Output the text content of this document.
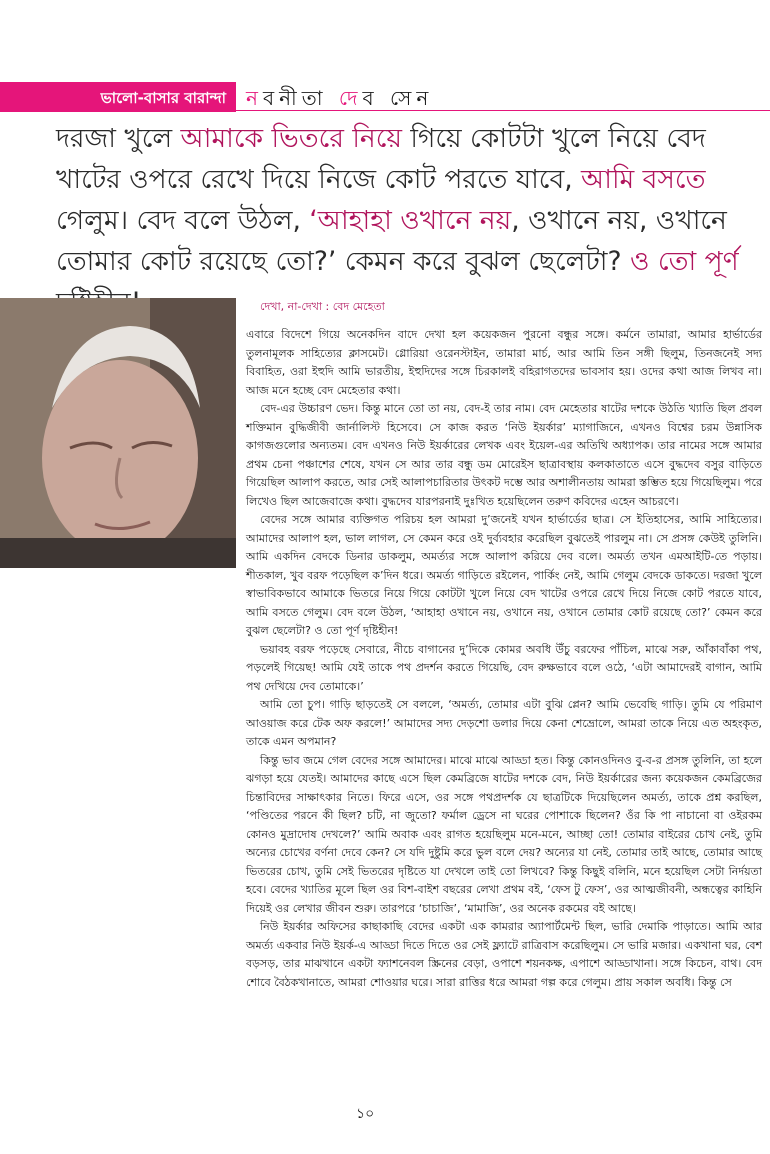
ভালো-বাসার বারান্দা নবনীতা দেব সেন
দরজা খুলে আমাকে ভিতরে নিয়ে গিয়ে কোটটা খুলে নিয়ে বেদ খাটের ওপরে রেখে দিয়ে নিজে কোট পরতে যাবে, আমি বসতে গেলুম। বেদ বলে উঠল, ‘আহাহা ওখানে নয়, ওখানে নয়, ওখানে তোমার কোট রয়েছে তো?’ কেমন করে বুঝল ছেলেটা? ও তো পূর্ণ
দেখা, না-দেখা : বেদ মেহেতা

এবারে বিদেশে গিয়ে অনেকদিন বাদে দেখা হল কয়েকজন পুরনো বন্ধুর সঙ্গে। কর্মনে তামারা, আমার হার্ভার্ডের তুলনামূলক সাহিত্যের ক্লাসমেট। গ্লোরিয়া ওরেনস্টাইন, তামারা মার্চ, আর আমি তিন সঙ্গী ছিলুম, তিনজনেই সদ্য বিবাহিত, ওরা ইহুদি আমি ভারতীয়, ইহুদিদের সঙ্গে চিরকালই বহিরাগতদের ভাবসাব হয়। ওদের কথা আজ লিখব না। আজ মনে হচ্ছে বেদ মেহেতার কথা।

বেদ-এর উচ্চারণ ভেদ। কিন্তু মানে তো তা নয়, বেদ-ই তার নাম। বেদ মেহেতার ষাটের দশকে উঠতি খ্যাতি ছিল প্রবল শক্তিমান বুদ্ধিজীবী জার্নালিস্ট হিসেবে। সে কাজ করত ‘নিউ ইয়র্কার’ ম্যাগাজিনে, এখনও বিশ্বের চরম উন্নাসিক কাগজগুলোর অন্যতম। বেদ এখনও নিউ ইয়র্কারের লেখক এবং ইয়েল-এর অতিথি অধ্যাপক। তার নামের সঙ্গে আমার প্রথম চেনা পঞ্চাশের শেষে, যখন সে আর তার বন্ধু ডম মোরেইস ছাত্রাবস্থায় কলকাতাতে এসে বুদ্ধদেব বসুর বাড়িতে গিয়েছিল আলাপ করতে, আর সেই আলাপচারিতার উৎকট দম্ভে আর অশালীনতায় আমরা স্তম্ভিত হয়ে গিয়েছিলুম। পরে লিখেও ছিল আজেবাজে কথা। বুদ্ধদেব যারপরনাই দুঃখিত হয়েছিলেন তরুণ কবিদের এহেন আচরণে।

বেদের সঙ্গে আমার ব্যক্তিগত পরিচয় হল আমরা দু’জনেই যখন হার্ভার্ডের ছাত্র। সে ইতিহাসের, আমি সাহিত্যের। আমাদের আলাপ হল, ভাল লাগল, সে কেমন করে ওই দুর্ব্যবহার করেছিল বুঝতেই পারলুম না। সে প্রসঙ্গ কেউই তুলিনি। আমি একদিন বেদকে ডিনার ডাকলুম, অমর্ত্যর সঙ্গে আলাপ করিয়ে দেব বলে। অমর্ত্য তখন এমআইটি-তে পড়ায়। শীতকাল, খুব বরফ পড়েছিল ক’দিন ধরে। অমর্ত্য গাড়িতে রইলেন, পার্কিং নেই, আমি গেলুম বেদকে ডাকতে। দরজা খুলে স্বাভাবিকভাবে আমাকে ভিতরে নিয়ে গিয়ে কোটটা খুলে নিয়ে বেদ খাটের ওপরে রেখে দিয়ে নিজে কোট পরতে যাবে, আমি বসতে গেলুম। বেদ বলে উঠল, ‘আহাহা ওখানে নয়, ওখানে নয়, ওখানে তোমার কোট রয়েছে তো?’ কেমন করে বুঝল ছেলেটা? ও তো পূর্ণ দৃষ্টিহীন!

ভয়াবহ বরফ পড়েছে সেবারে, নীচে বাগানের দু’দিকে কোমর অবধি উঁচু বরফের পাঁচিল, মাঝে সরু, আঁকাবাঁকা পথ, পড়লেই গিয়েছ! আমি যেই তাকে পথ প্রদর্শন করতে গিয়েছি, বেদ রুক্ষভাবে বলে ওঠে, ‘এটা আমাদেরই বাগান, আমি পথ দেখিয়ে দেব তোমাকে।’

আমি তো চুপ। গাড়ি ছাড়তেই সে বললে, ‘অমর্ত্য, তোমার এটা বুঝি প্লেন? আমি ভেবেছি গাড়ি। তুমি যে পরিমাণ আওয়াজ করে টেক অফ করলে!’ আমাদের সদ্য দেড়শো ডলার দিয়ে কেনা শেভ্রোলে, আমরা তাকে নিয়ে এত অহংকৃত, তাকে এমন অপমান?

কিন্তু ভাব জমে গেল বেদের সঙ্গে আমাদের। মাঝে মাঝে আড্ডা হত। কিন্তু কোনওদিনও বু-ব-র প্রসঙ্গ তুলিনি, তা হলে ঝগড়া হয়ে যেতই। আমাদের কাছে এসে ছিল কেমব্রিজে ষাটের দশকে বেদ, নিউ ইয়র্কারের জন্য কয়েকজন কেমব্রিজের চিন্তাবিদের সাক্ষাৎকার নিতে। ফিরে এসে, ওর সঙ্গে পথপ্রদর্শক যে ছাত্রটিকে দিয়েছিলেন অমর্ত্য, তাকে প্রশ্ন করছিল, ‘পণ্ডিতের পরনে কী ছিল? চটি, না জুতো? ফর্মাল ড্রেসে না ঘরের পোশাকে ছিলেন? ওঁর কি পা নাচানো বা ওইরকম কোনও মুদ্রাদোষ দেখলে?’ আমি অবাক এবং রাগত হয়েছিলুম মনে-মনে, আচ্ছা তো! তোমার বাইরের চোখ নেই, তুমি অন্যের চোখের বর্ণনা দেবে কেন? সে যদি দুষ্টুমি করে ভুল বলে দেয়? অন্যের যা নেই, তোমার তাই আছে, তোমার আছে ভিতরের চোখ, তুমি সেই ভিতরের দৃষ্টিতে যা দেখলে তাই তো লিখবে? কিন্তু কিছুই বলিনি, মনে হয়েছিল সেটা নির্দয়তা হবে। বেদের খ্যাতির মূলে ছিল ওর বিশ-বাইশ বছরের লেখা প্রথম বই, ‘ফেস টু ফেস’, ওর আত্মজীবনী, অন্ধত্বের কাহিনি দিয়েই ওর লেখার জীবন শুরু। তারপরে ‘চাচাজি’, ‘মামাজি’, ওর অনেক রকমের বই আছে।

নিউ ইয়র্কার অফিসের কাছাকাছি বেদের একটা এক কামরার অ্যাপার্টমেন্ট ছিল, ভারি দেমাকি পাড়াতে। আমি আর অমর্ত্য একবার নিউ ইয়র্ক-এ আড্ডা দিতে দিতে ওর সেই ফ্ল্যাটে রাত্রিবাস করেছিলুম। সে ভারি মজার। একখানা ঘর, বেশ বড়সড়, তার মাঝখানে একটা ফ্যাশনেবল স্ক্রিনের বেড়া, ওপাশে শয়নকক্ষ, এপাশে আড্ডাখানা। সঙ্গে কিচেন, বাথ। বেদ শোবে বৈঠকখানাতে, আমরা শোওয়ার ঘরে। সারা রাত্তির ধরে আমরা গল্প করে গেলুম। প্রায় সকাল অবধি। কিন্তু সে

১০
